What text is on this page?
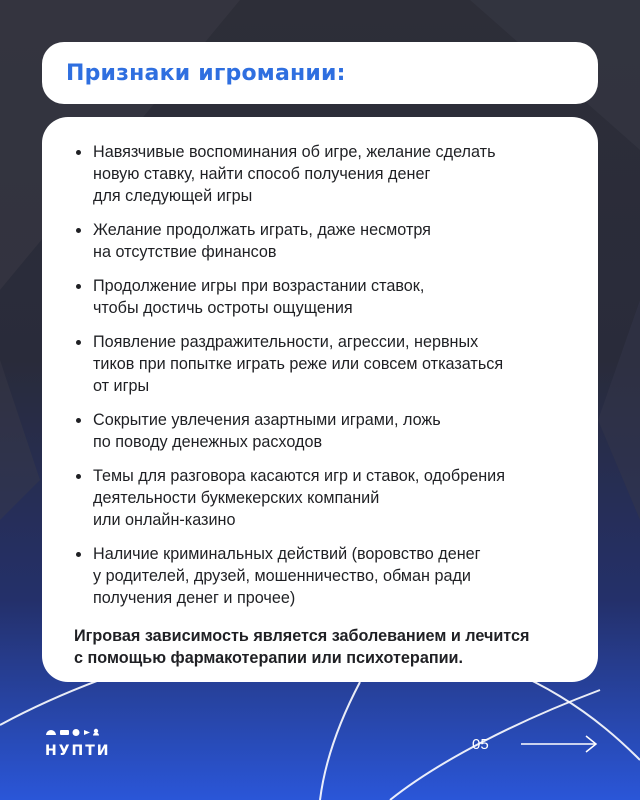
Признаки игромании:
Навязчивые воспоминания об игре, желание сделать
новую ставку, найти способ получения денег
для следующей игры
Желание продолжать играть, даже несмотря
на отсутствие финансов
Продолжение игры при возрастании ставок,
чтобы достичь остроты ощущения
Появление раздражительности, агрессии, нервных
тиков при попытке играть реже или совсем отказаться
от игры
Сокрытие увлечения азартными играми, ложь
по поводу денежных расходов
Темы для разговора касаются игр и ставок, одобрения
деятельности букмекерских компаний
или онлайн-казино
Наличие криминальных действий (воровство денег
у родителей, друзей, мошенничество, обман ради
получения денег и прочее)
Игровая зависимость является заболеванием и лечится
с помощью фармакотерапии или психотерапии.
НУПТИ	05
